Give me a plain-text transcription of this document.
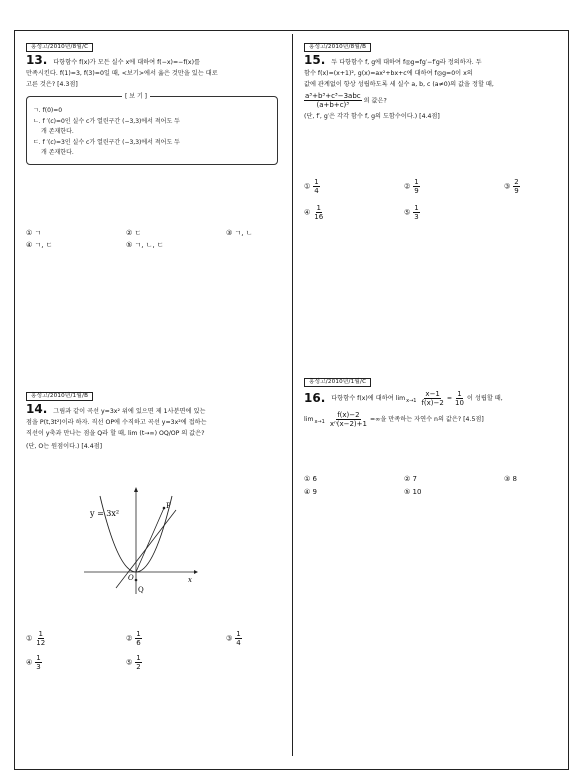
홍성고/2010년/8월/C
13. 다항함수 f(x)가 모든 실수 x에 대하여 f(−x)=−f(x)를
만족시킨다. f(1)=3, f(3)=0일 때, <보기>에서 옳은 것만을 있는 대로
고른 것은? [4.3점]
[ 보 기 ]
ㄱ. f(0)=0
ㄴ. f ′(c)=0인 실수 c가 열린구간 (−3,3)에서 적어도 두
개 존재한다.
ㄷ. f ′(c)=3인 실수 c가 열린구간 (−3,3)에서 적어도 두
개 존재한다.
① ㄱ	② ㄷ	③ ㄱ, ㄴ
④ ㄱ, ㄷ	⑤ ㄱ, ㄴ, ㄷ
홍성고/2010년/1월/B
14. 그림과 같이 곡선 y=3x² 위에 있으면 제 1사분면에 있는
점을 P(t,3t²)이라 하자. 직선 OP에 수직하고 곡선 y=3x²에 접하는
직선이 y축과 만나는 점을 Q라 할 때, lim (t→∞) OQ/OP 의 값은?
(단, O는 원점이다.) [4.4점]
y = 3x²
x
O
P
Q
① $\frac{1}{12}$	② $\frac{1}{6}$	③ $\frac{1}{4}$
④ $\frac{1}{3}$	⑤ $\frac{1}{2}$
홍성고/2010년/8월/B
15. 두 다항함수 f, g에 대하여 f◎g=fg′−f′g라 정의하자. 두
함수 f(x)=(x+1)², g(x)=ax²+bx+c에 대하여 f◎g=0이 x의
값에 관계없이 항상 성립하도록 세 실수 a, b, c (a≠0)의 값을 정할 때,
$\frac{\text{a³+b³+c³−3abc}}{\text{(a+b+c)³}}$ 의 값은?
(단, f′, g′은 각각 함수 f, g의 도함수이다.) [4.4점]
① $\frac{1}{4}$	② $\frac{1}{9}$	③ $\frac{2}{9}$
④ $\frac{1}{16}$	⑤ $\frac{1}{3}$
홍성고/2010년/1월/C
16. 다항함수 f(x)에 대하여 $\lim x\to 1 \frac{x-1}{f(x)-2} = \frac{1}{10}$ 이 성립할 때,
$\lim x\to 1 \frac{f(x)-2}{\text{xⁿ(x−2)+1}}$ =∞을 만족하는 자연수 n의 값은? [4.5점]
① 6	② 7	③ 8
④ 9	⑤ 10
